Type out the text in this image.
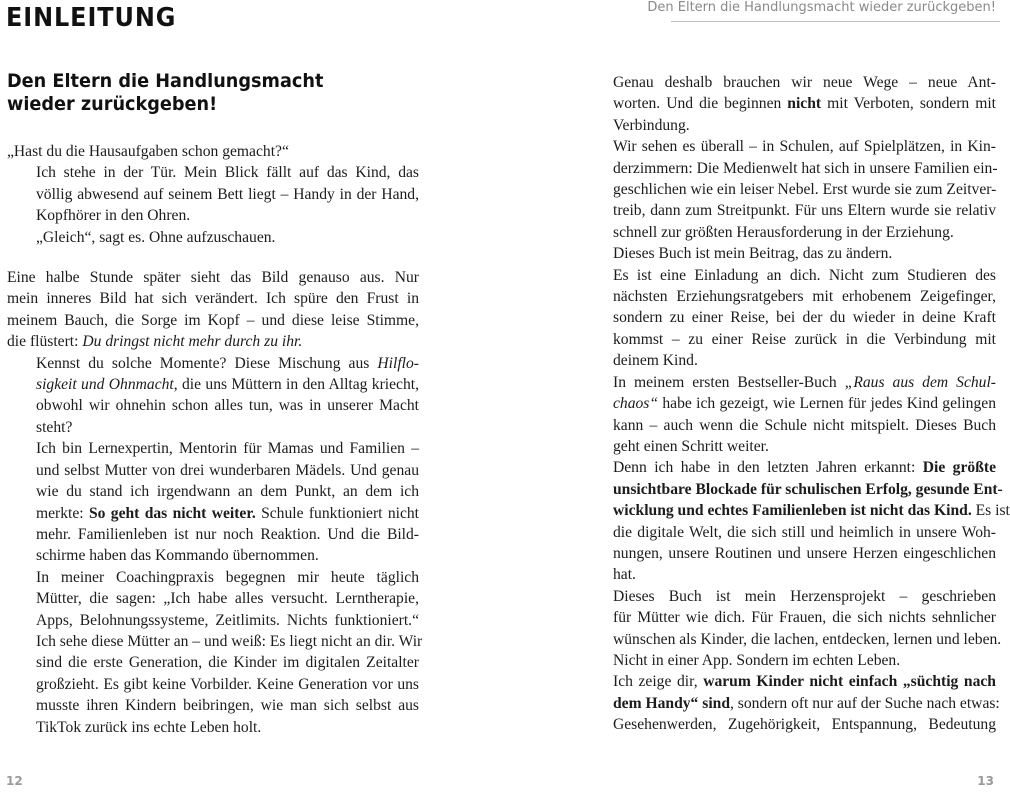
EINLEITUNG	Den Eltern die Handlungsmacht wieder zurückgeben!
Den Eltern die Handlungsmacht
wieder zurückgeben!

„Hast du die Hausaufgaben schon gemacht?“

Ich stehe in der Tür. Mein Blick fällt auf das Kind, das
völlig abwesend auf seinem Bett liegt – Handy in der Hand,
Kopfhörer in den Ohren.

„Gleich“, sagt es. Ohne aufzuschauen.

Eine halbe Stunde später sieht das Bild genauso aus. Nur
mein inneres Bild hat sich verändert. Ich spüre den Frust in
meinem Bauch, die Sorge im Kopf – und diese leise Stimme,
die flüstert: Du dringst nicht mehr durch zu ihr.

Kennst du solche Momente? Diese Mischung aus Hilflo-
sigkeit und Ohnmacht, die uns Müttern in den Alltag kriecht,
obwohl wir ohnehin schon alles tun, was in unserer Macht
steht?

Ich bin Lernexpertin, Mentorin für Mamas und Familien –
und selbst Mutter von drei wunderbaren Mädels. Und genau
wie du stand ich irgendwann an dem Punkt, an dem ich
merkte: So geht das nicht weiter. Schule funktioniert nicht
mehr. Familienleben ist nur noch Reaktion. Und die Bild-
schirme haben das Kommando übernommen.

In meiner Coachingpraxis begegnen mir heute täglich
Mütter, die sagen: „Ich habe alles versucht. Lerntherapie,
Apps, Belohnungssysteme, Zeitlimits. Nichts funktioniert.“
Ich sehe diese Mütter an – und weiß: Es liegt nicht an dir. Wir
sind die erste Generation, die Kinder im digitalen Zeitalter
großzieht. Es gibt keine Vorbilder. Keine Generation vor uns
musste ihren Kindern beibringen, wie man sich selbst aus
TikTok zurück ins echte Leben holt.

Genau deshalb brauchen wir neue Wege – neue Ant-
worten. Und die beginnen nicht mit Verboten, sondern mit
Verbindung.

Wir sehen es überall – in Schulen, auf Spielplätzen, in Kin-
derzimmern: Die Medienwelt hat sich in unsere Familien ein-
geschlichen wie ein leiser Nebel. Erst wurde sie zum Zeitver-
treib, dann zum Streitpunkt. Für uns Eltern wurde sie relativ
schnell zur größten Herausforderung in der Erziehung.

Dieses Buch ist mein Beitrag, das zu ändern.

Es ist eine Einladung an dich. Nicht zum Studieren des
nächsten Erziehungsratgebers mit erhobenem Zeigefinger,
sondern zu einer Reise, bei der du wieder in deine Kraft
kommst – zu einer Reise zurück in die Verbindung mit
deinem Kind.

In meinem ersten Bestseller-Buch „Raus aus dem Schul-
chaos“ habe ich gezeigt, wie Lernen für jedes Kind gelingen
kann – auch wenn die Schule nicht mitspielt. Dieses Buch
geht einen Schritt weiter.

Denn ich habe in den letzten Jahren erkannt: Die größte
unsichtbare Blockade für schulischen Erfolg, gesunde Ent-
wicklung und echtes Familienleben ist nicht das Kind. Es ist
die digitale Welt, die sich still und heimlich in unsere Woh-
nungen, unsere Routinen und unsere Herzen eingeschlichen
hat.

Dieses Buch ist mein Herzensprojekt – geschrieben
für Mütter wie dich. Für Frauen, die sich nichts sehnlicher
wünschen als Kinder, die lachen, entdecken, lernen und leben.
Nicht in einer App. Sondern im echten Leben.

Ich zeige dir, warum Kinder nicht einfach „süchtig nach
dem Handy“ sind, sondern oft nur auf der Suche nach etwas:
Gesehenwerden, Zugehörigkeit, Entspannung, Bedeutung

12	13
